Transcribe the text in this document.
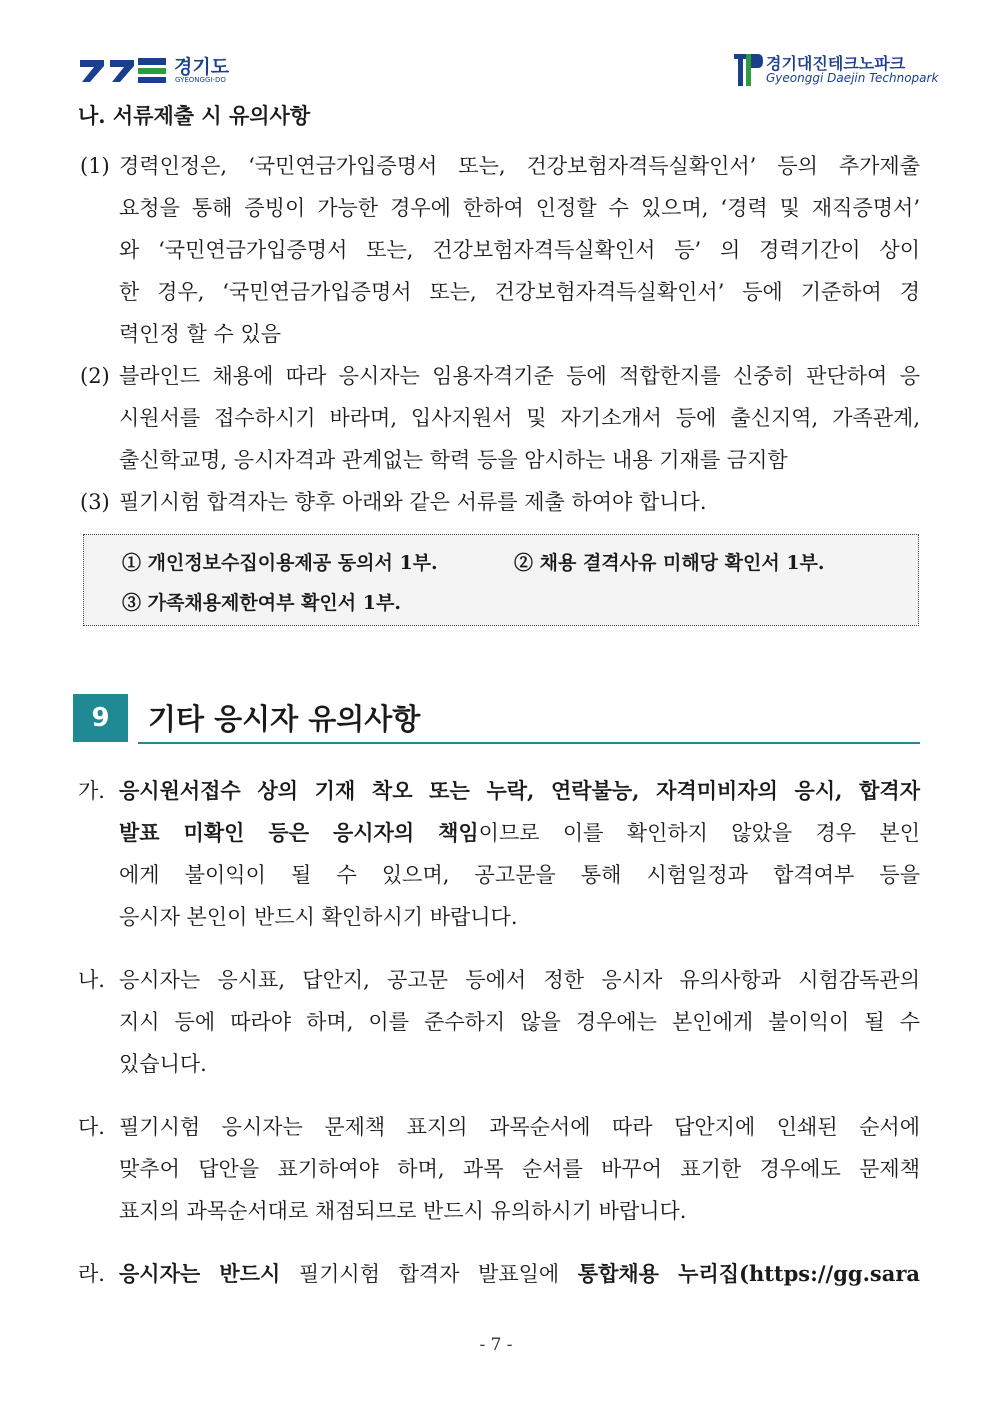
경기도
GYEONGGI-DO
경기대진테크노파크
Gyeonggi Daejin Technopark
나. 서류제출 시 유의사항
(1) 경력인정은, ‘국민연금가입증명서 또는, 건강보험자격득실확인서’ 등의 추가제출
요청을 통해 증빙이 가능한 경우에 한하여 인정할 수 있으며, ‘경력 및 재직증명서’
와 ‘국민연금가입증명서 또는, 건강보험자격득실확인서 등’ 의 경력기간이 상이
한 경우, ‘국민연금가입증명서 또는, 건강보험자격득실확인서’ 등에 기준하여 경
력인정 할 수 있음
(2) 블라인드 채용에 따라 응시자는 임용자격기준 등에 적합한지를 신중히 판단하여 응
시원서를 접수하시기 바라며, 입사지원서 및 자기소개서 등에 출신지역, 가족관계,
출신학교명, 응시자격과 관계없는 학력 등을 암시하는 내용 기재를 금지함
(3) 필기시험 합격자는 향후 아래와 같은 서류를 제출 하여야 합니다.
① 개인정보수집이용제공 동의서 1부.	② 채용 결격사유 미해당 확인서 1부.
③ 가족채용제한여부 확인서 1부.
9	기타 응시자 유의사항
가. 응시원서접수 상의 기재 착오 또는 누락, 연락불능, 자격미비자의 응시, 합격자
발표 미확인 등은 응시자의 책임이므로 이를 확인하지 않았을 경우 본인
에게 불이익이 될 수 있으며, 공고문을 통해 시험일정과 합격여부 등을
응시자 본인이 반드시 확인하시기 바랍니다.
나. 응시자는 응시표, 답안지, 공고문 등에서 정한 응시자 유의사항과 시험감독관의
지시 등에 따라야 하며, 이를 준수하지 않을 경우에는 본인에게 불이익이 될 수
있습니다.
다. 필기시험 응시자는 문제책 표지의 과목순서에 따라 답안지에 인쇄된 순서에
맞추어 답안을 표기하여야 하며, 과목 순서를 바꾸어 표기한 경우에도 문제책
표지의 과목순서대로 채점되므로 반드시 유의하시기 바랍니다.
라. 응시자는 반드시 필기시험 합격자 발표일에 통합채용 누리집(https://gg.sara
- 7 -
